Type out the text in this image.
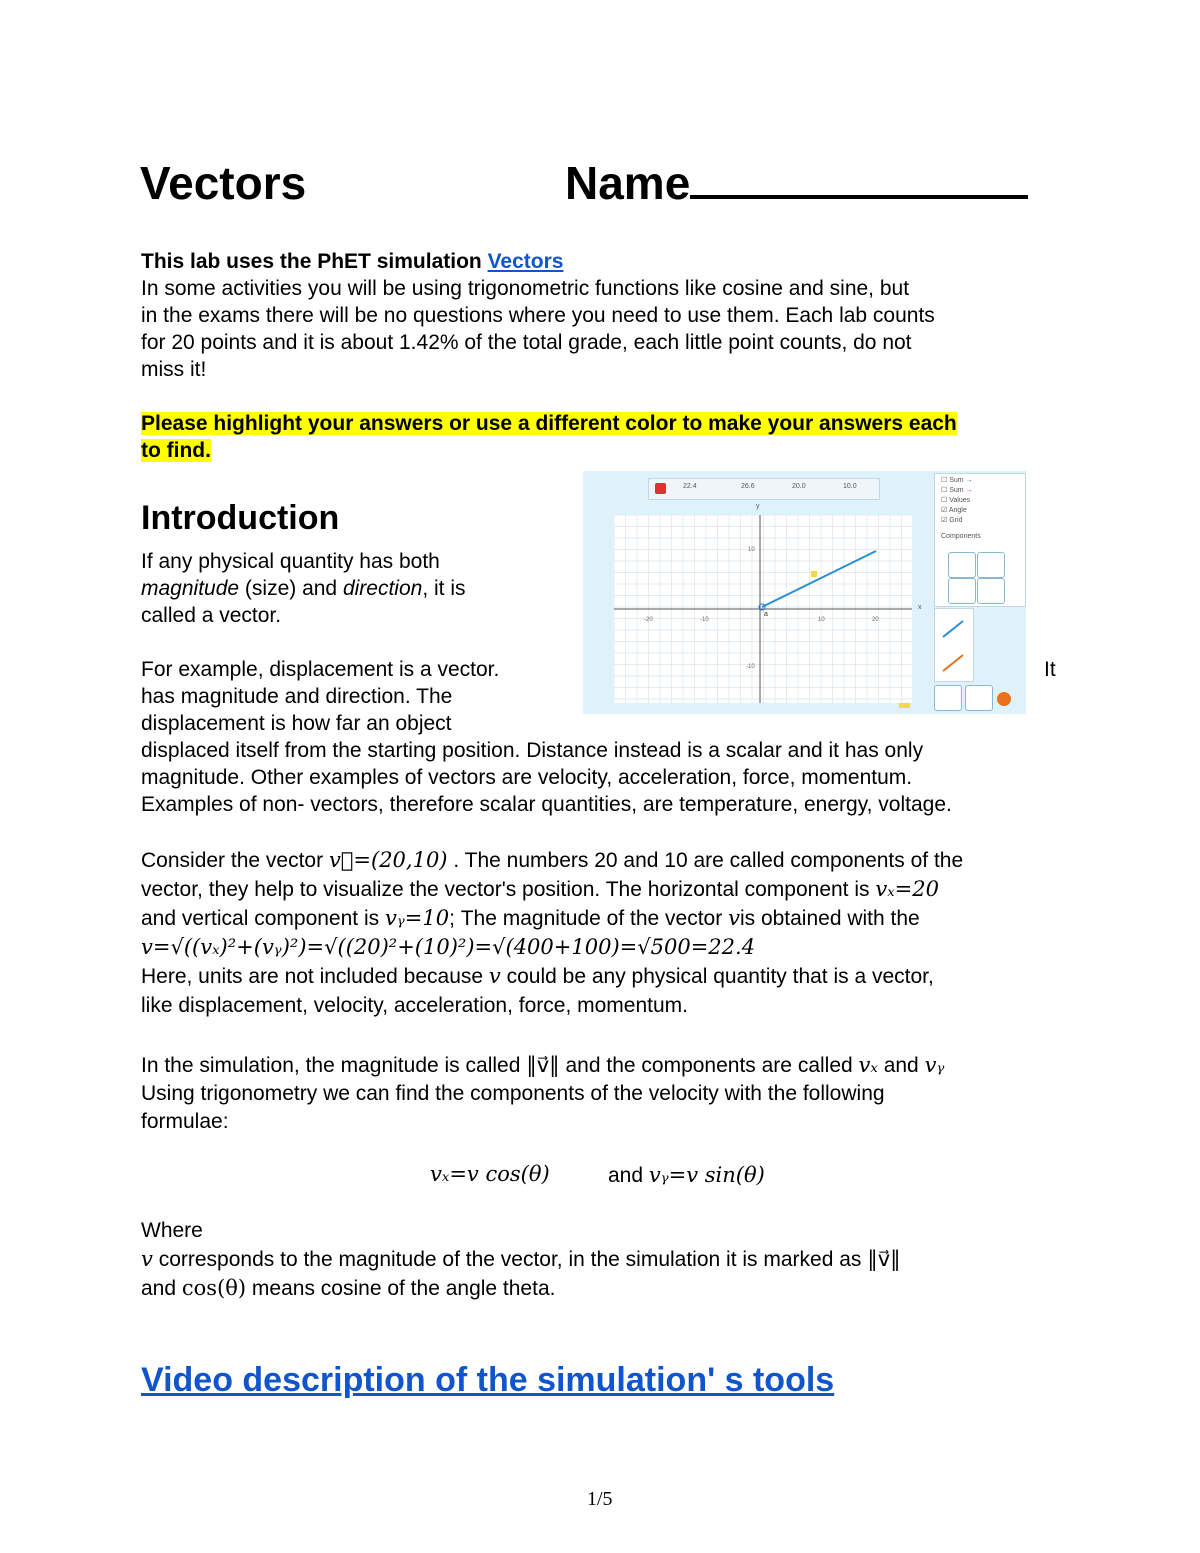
Vectors	Name
This lab uses the PhET simulation Vectors
In some activities you will be using trigonometric functions like cosine and sine, but
in the exams there will be no questions where you need to use them. Each lab counts
for 20 points and it is about 1.42% of the total grade, each little point counts, do not
miss it!
Please highlight your answers or use a different color to make your answers each
to find.
Introduction
If any physical quantity has both
magnitude (size) and direction, it is
called a vector.
For example, displacement is a vector.
has magnitude and direction. The
displacement is how far an object
It
displaced itself from the starting position. Distance instead is a scalar and it has only
magnitude. Other examples of vectors are velocity, acceleration, force, momentum.
Examples of non- vectors, therefore scalar quantities, are temperature, energy, voltage.
22.4	26.6	20.0	10.0
☐ Sum →
☐ Sum →
☐ Values
☑ Angle
☑ Grid
Components
-20	-10	10	20
10
-10
a
y
x
Consider the vector v⃗=(20,10) . The numbers 20 and 10 are called components of the
vector, they help to visualize the vector's position. The horizontal component is vₓ=20
and vertical component is vᵧ=10; The magnitude of the vector vis obtained with the
v=√((vₓ)²+(vᵧ)²)=√((20)²+(10)²)=√(400+100)=√500=22.4
Here, units are not included because v could be any physical quantity that is a vector,
like displacement, velocity, acceleration, force, momentum.
In the simulation, the magnitude is called ‖v⃗‖ and the components are called vₓ and vᵧ
Using trigonometry we can find the components of the velocity with the following
formulae:
vₓ=v cos(θ)	and vᵧ=v sin(θ)
Where
v corresponds to the magnitude of the vector, in the simulation it is marked as ‖v⃗‖
and cos(θ) means cosine of the angle theta.
Video description of the simulation' s tools
1/5
